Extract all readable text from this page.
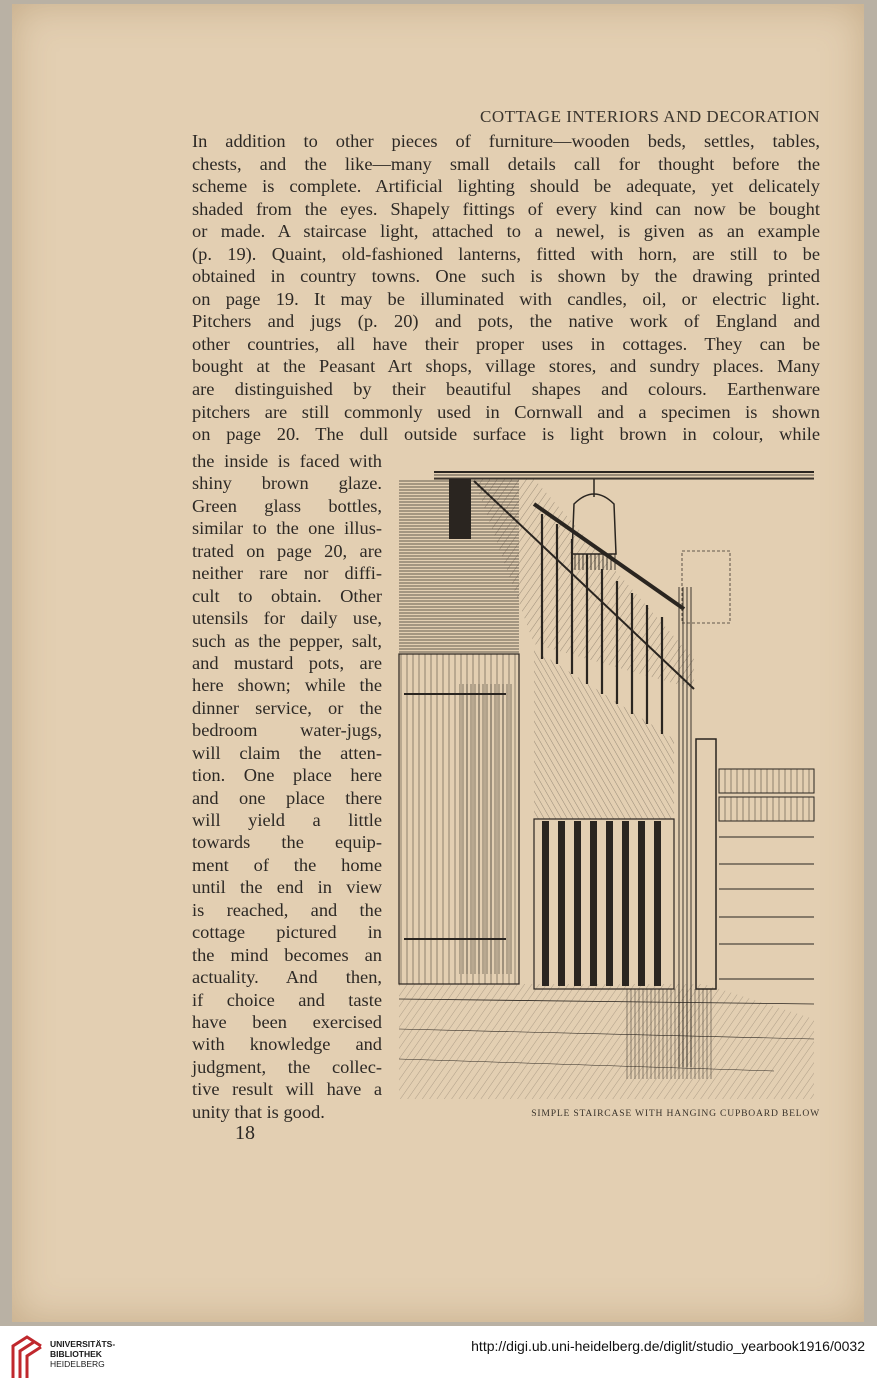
COTTAGE INTERIORS AND DECORATION
In addition to other pieces of furniture—wooden beds, settles, tables,
chests, and the like—many small details call for thought before the
scheme is complete. Artificial lighting should be adequate, yet delicately
shaded from the eyes. Shapely fittings of every kind can now be bought
or made. A staircase light, attached to a newel, is given as an example
(p. 19). Quaint, old-fashioned lanterns, fitted with horn, are still to be
obtained in country towns. One such is shown by the drawing printed
on page 19. It may be illuminated with candles, oil, or electric light.
Pitchers and jugs (p. 20) and pots, the native work of England and
other countries, all have their proper uses in cottages. They can be
bought at the Peasant Art shops, village stores, and sundry places. Many
are distinguished by their beautiful shapes and colours. Earthenware
pitchers are still commonly used in Cornwall and a specimen is shown
on page 20. The dull outside surface is light brown in colour, while
the inside is faced with
shiny brown glaze.
Green glass bottles,
similar to the one illus-
trated on page 20, are
neither rare nor diffi-
cult to obtain. Other
utensils for daily use,
such as the pepper, salt,
and mustard pots, are
here shown; while the
dinner service, or the
bedroom water-jugs,
will claim the atten-
tion. One place here
and one place there
will yield a little
towards the equip-
ment of the home
until the end in view
is reached, and the
cottage pictured in
the mind becomes an
actuality. And then,
if choice and taste
have been exercised
with knowledge and
judgment, the collec-
tive result will have a
unity that is good.	SIMPLE STAIRCASE WITH HANGING CUPBOARD BELOW
18
UNIVERSITÄTS-
BIBLIOTHEK
HEIDELBERG
http://digi.ub.uni-heidelberg.de/diglit/studio_yearbook1916/0032
